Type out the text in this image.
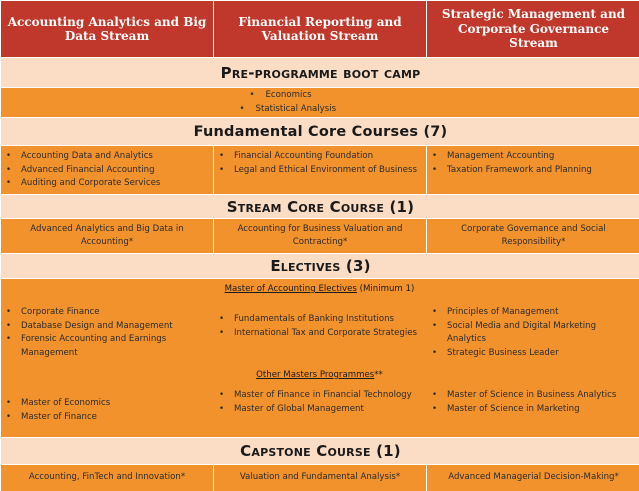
Accounting Analytics and Big Data Stream
Financial Reporting and Valuation Stream
Strategic Management and Corporate Governance Stream
Pre-programme boot camp
• Economics
• Statistical Analysis
Fundamental Core Courses (7)
• Accounting Data and Analytics
• Advanced Financial Accounting
• Auditing and Corporate Services
• Financial Accounting Foundation
• Legal and Ethical Environment of Business
• Management Accounting
• Taxation Framework and Planning
Stream Core Course (1)
Advanced Analytics and Big Data in Accounting*
Accounting for Business Valuation and Contracting*
Corporate Governance and Social Responsibility*
Electives (3)
Master of Accounting Electives (Minimum 1)
• Corporate Finance
• Database Design and Management
• Forensic Accounting and Earnings Management
• Fundamentals of Banking Institutions
• International Tax and Corporate Strategies
• Principles of Management
• Social Media and Digital Marketing Analytics
• Strategic Business Leader
Other Masters Programmes**
• Master of Economics
• Master of Finance
• Master of Finance in Financial Technology
• Master of Global Management
• Master of Science in Business Analytics
• Master of Science in Marketing
Capstone Course (1)
Accounting, FinTech and Innovation*	Valuation and Fundamental Analysis*	Advanced Managerial Decision-Making*
